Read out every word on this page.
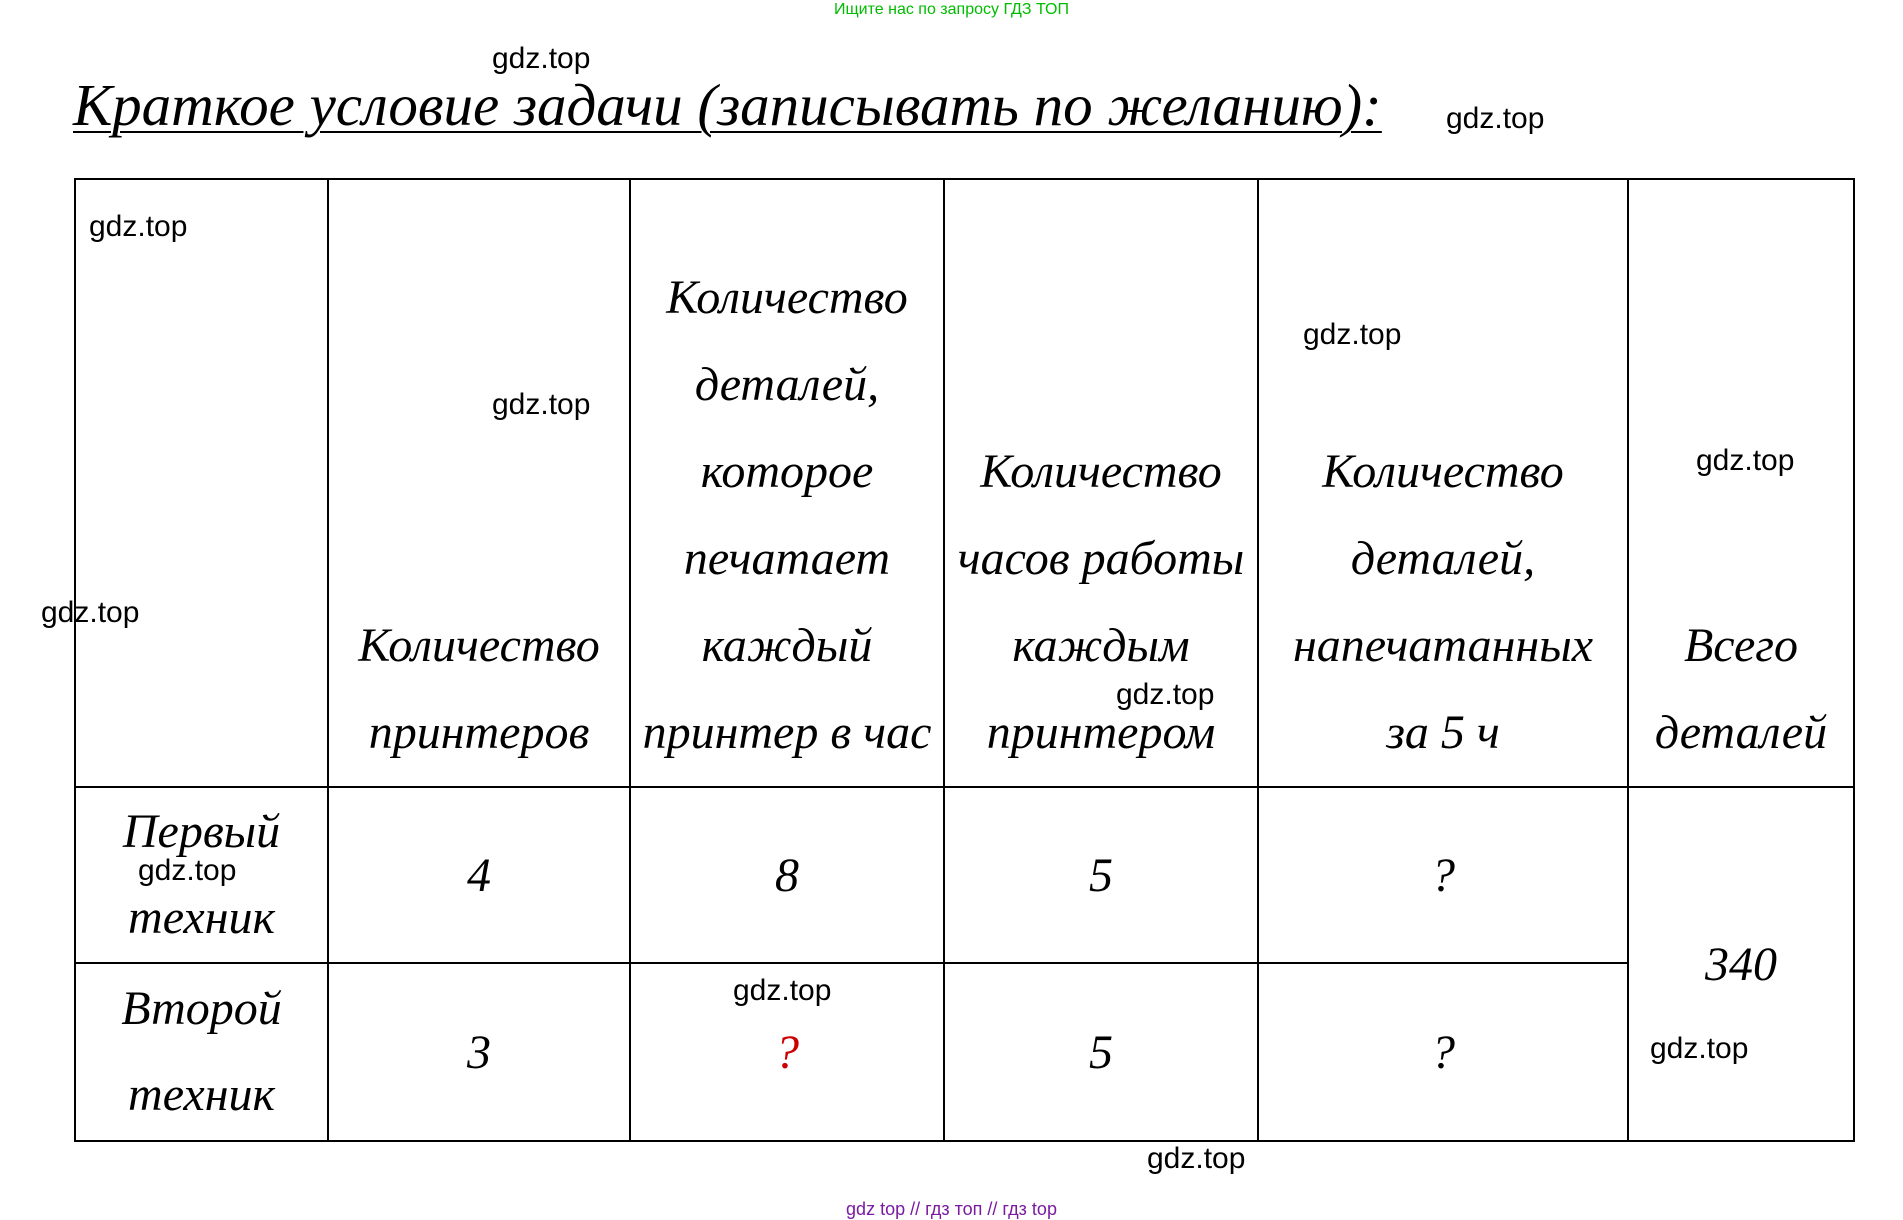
Ищите нас по запросу ГДЗ ТОП
Краткое условие задачи (записывать по желанию):

	Количество принтеров	Количество деталей, которое печатает каждый принтер в час	Количество часов работы каждым принтером	Количество деталей, напечатанных за 5 ч	Всего деталей

Первый техник	4	8	5	?	340
Второй техник	3	?	5	?	
gdz.top
gdz.top
gdz.top
gdz.top
gdz.top
gdz.top
gdz.top
gdz.top
gdz.top
gdz.top
gdz.top
gdz.top
gdz top // гдз топ // гдз top
